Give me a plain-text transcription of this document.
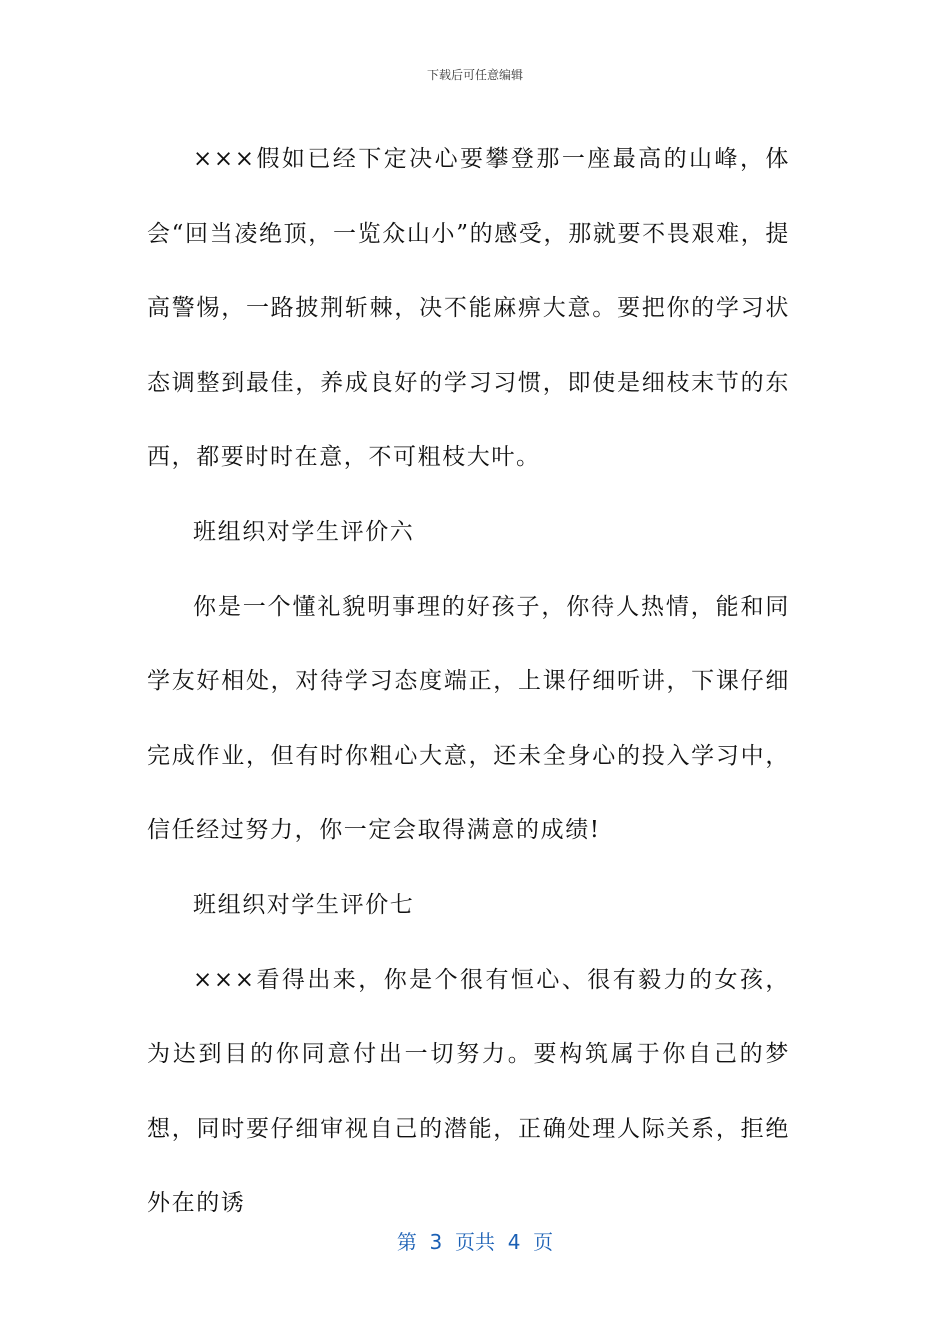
下载后可任意编辑

×××假如已经下定决心要攀登那一座最高的山峰，体会“回当凌绝顶，一览众山小”的感受，那就要不畏艰难，提高警惕，一路披荆斩棘，决不能麻痹大意。要把你的学习状态调整到最佳，养成良好的学习习惯，即使是细枝末节的东西，都要时时在意，不可粗枝大叶。

班组织对学生评价六

你是一个懂礼貌明事理的好孩子，你待人热情，能和同学友好相处，对待学习态度端正，上课仔细听讲，下课仔细完成作业，但有时你粗心大意，还未全身心的投入学习中，信任经过努力，你一定会取得满意的成绩!

班组织对学生评价七

×××看得出来，你是个很有恒心、很有毅力的女孩，为达到目的你同意付出一切努力。要构筑属于你自己的梦想，同时要仔细审视自己的潜能，正确处理人际关系，拒绝外在的诱

第  3  页共  4  页
